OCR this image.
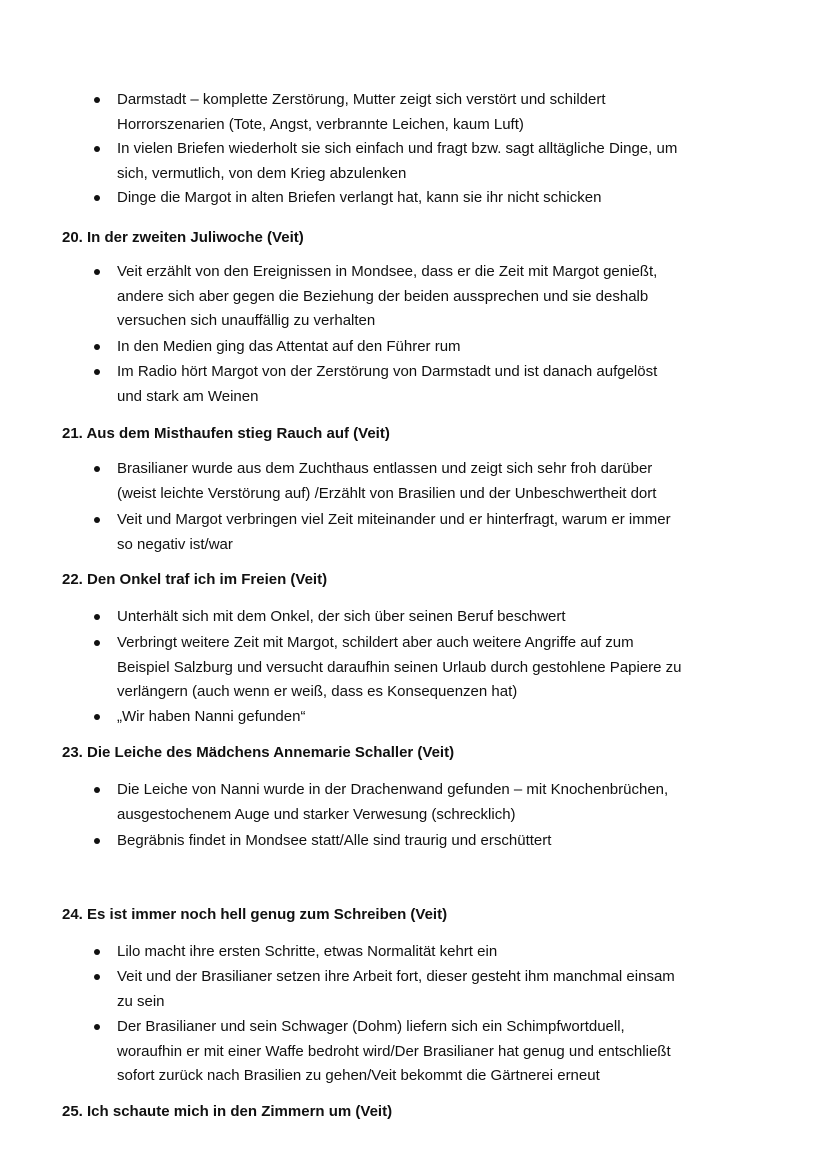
Darmstadt – komplette Zerstörung, Mutter zeigt sich verstört und schildert
Horrorszenarien (Tote, Angst, verbrannte Leichen, kaum Luft)
In vielen Briefen wiederholt sie sich einfach und fragt bzw. sagt alltägliche Dinge, um
sich, vermutlich, von dem Krieg abzulenken
Dinge die Margot in alten Briefen verlangt hat, kann sie ihr nicht schicken
20. In der zweiten Juliwoche (Veit)
Veit erzählt von den Ereignissen in Mondsee, dass er die Zeit mit Margot genießt,
andere sich aber gegen die Beziehung der beiden aussprechen und sie deshalb
versuchen sich unauffällig zu verhalten
In den Medien ging das Attentat auf den Führer rum
Im Radio hört Margot von der Zerstörung von Darmstadt und ist danach aufgelöst
und stark am Weinen
21. Aus dem Misthaufen stieg Rauch auf (Veit)
Brasilianer wurde aus dem Zuchthaus entlassen und zeigt sich sehr froh darüber
(weist leichte Verstörung auf) /Erzählt von Brasilien und der Unbeschwertheit dort
Veit und Margot verbringen viel Zeit miteinander und er hinterfragt, warum er immer
so negativ ist/war
22. Den Onkel traf ich im Freien (Veit)
Unterhält sich mit dem Onkel, der sich über seinen Beruf beschwert
Verbringt weitere Zeit mit Margot, schildert aber auch weitere Angriffe auf zum
Beispiel Salzburg und versucht daraufhin seinen Urlaub durch gestohlene Papiere zu
verlängern (auch wenn er weiß, dass es Konsequenzen hat)
„Wir haben Nanni gefunden“
23. Die Leiche des Mädchens Annemarie Schaller (Veit)
Die Leiche von Nanni wurde in der Drachenwand gefunden – mit Knochenbrüchen,
ausgestochenem Auge und starker Verwesung (schrecklich)
Begräbnis findet in Mondsee statt/Alle sind traurig und erschüttert
24. Es ist immer noch hell genug zum Schreiben (Veit)
Lilo macht ihre ersten Schritte, etwas Normalität kehrt ein
Veit und der Brasilianer setzen ihre Arbeit fort, dieser gesteht ihm manchmal einsam
zu sein
Der Brasilianer und sein Schwager (Dohm) liefern sich ein Schimpfwortduell,
woraufhin er mit einer Waffe bedroht wird/Der Brasilianer hat genug und entschließt
sofort zurück nach Brasilien zu gehen/Veit bekommt die Gärtnerei erneut
25. Ich schaute mich in den Zimmern um (Veit)
